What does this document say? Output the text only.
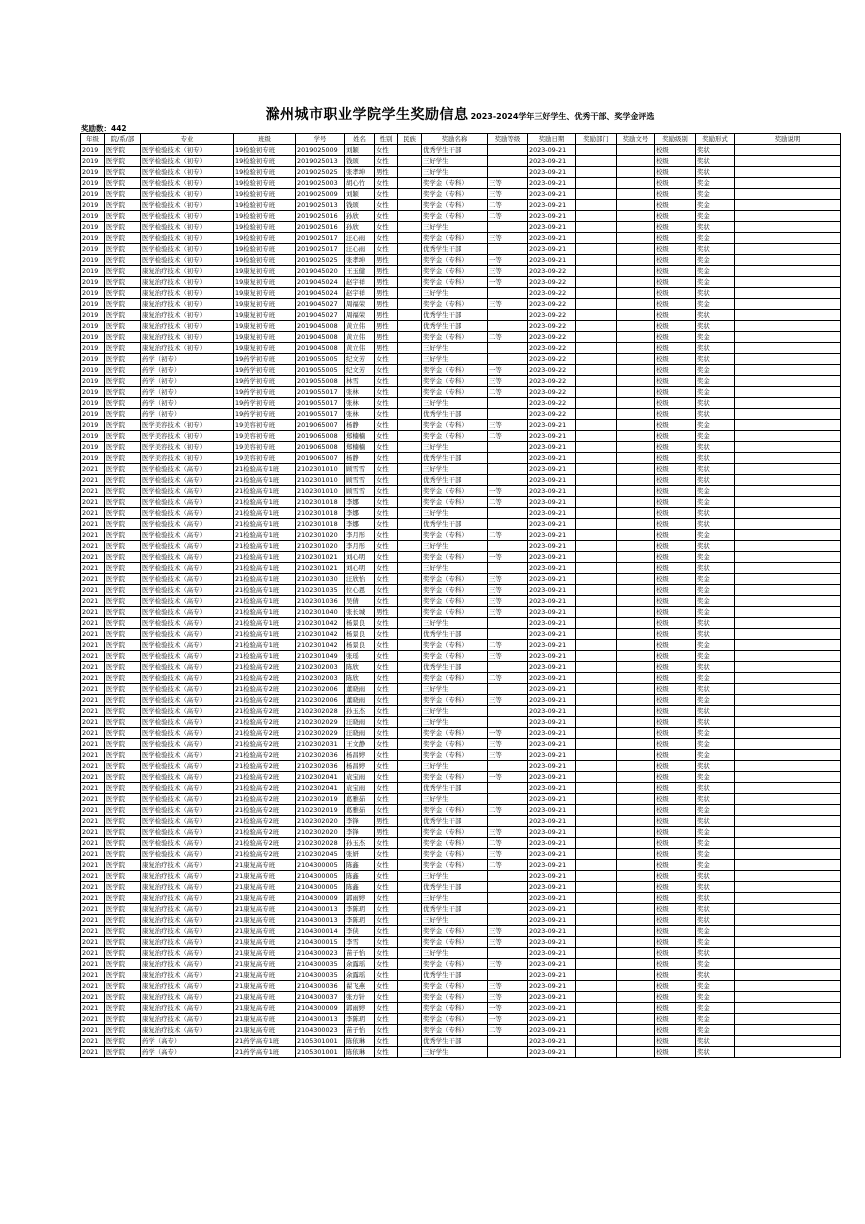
滁州城市职业学院学生奖励信息 2023-2024学年三好学生、优秀干部、奖学金评选
奖励数：442
年级	院/系/部	专业	班级	学号	姓名	性别	民族	奖励名称	奖励等级	奖励日期	奖励部门	奖励文号	奖励级别	奖励形式	奖励说明
2019	医学院	医学检验技术（初专）	19检验初专班	2019025009	刘颖	女性		优秀学生干部		2023-09-21			校级	奖状	
2019	医学院	医学检验技术（初专）	19检验初专班	2019025013	钱颂	女性		三好学生		2023-09-21			校级	奖状	
2019	医学院	医学检验技术（初专）	19检验初专班	2019025025	张孝坤	男性		三好学生		2023-09-21			校级	奖状	
2019	医学院	医学检验技术（初专）	19检验初专班	2019025003	胡心竹	女性		奖学金（专科）	三等	2023-09-21			校级	奖金	
2019	医学院	医学检验技术（初专）	19检验初专班	2019025009	刘颖	女性		奖学金（专科）	三等	2023-09-21			校级	奖金	
2019	医学院	医学检验技术（初专）	19检验初专班	2019025013	钱颂	女性		奖学金（专科）	二等	2023-09-21			校级	奖金	
2019	医学院	医学检验技术（初专）	19检验初专班	2019025016	孙欣	女性		奖学金（专科）	二等	2023-09-21			校级	奖金	
2019	医学院	医学检验技术（初专）	19检验初专班	2019025016	孙欣	女性		三好学生		2023-09-21			校级	奖状	
2019	医学院	医学检验技术（初专）	19检验初专班	2019025017	汪心雨	女性		奖学金（专科）	三等	2023-09-21			校级	奖金	
2019	医学院	医学检验技术（初专）	19检验初专班	2019025017	汪心雨	女性		优秀学生干部		2023-09-21			校级	奖状	
2019	医学院	医学检验技术（初专）	19检验初专班	2019025025	张孝坤	男性		奖学金（专科）	一等	2023-09-21			校级	奖金	
2019	医学院	康复治疗技术（初专）	19康复初专班	2019045020	王玉健	男性		奖学金（专科）	三等	2023-09-22			校级	奖金	
2019	医学院	康复治疗技术（初专）	19康复初专班	2019045024	赵宇祥	男性		奖学金（专科）	一等	2023-09-22			校级	奖金	
2019	医学院	康复治疗技术（初专）	19康复初专班	2019045024	赵宇祥	男性		三好学生		2023-09-22			校级	奖状	
2019	医学院	康复治疗技术（初专）	19康复初专班	2019045027	周福荣	男性		奖学金（专科）	三等	2023-09-22			校级	奖金	
2019	医学院	康复治疗技术（初专）	19康复初专班	2019045027	周福荣	男性		优秀学生干部		2023-09-22			校级	奖状	
2019	医学院	康复治疗技术（初专）	19康复初专班	2019045008	黄立伟	男性		优秀学生干部		2023-09-22			校级	奖状	
2019	医学院	康复治疗技术（初专）	19康复初专班	2019045008	黄立伟	男性		奖学金（专科）	二等	2023-09-22			校级	奖金	
2019	医学院	康复治疗技术（初专）	19康复初专班	2019045008	黄立伟	男性		三好学生		2023-09-22			校级	奖状	
2019	医学院	药学（初专）	19药学初专班	2019055005	纪文芳	女性		三好学生		2023-09-22			校级	奖状	
2019	医学院	药学（初专）	19药学初专班	2019055005	纪文芳	女性		奖学金（专科）	一等	2023-09-22			校级	奖金	
2019	医学院	药学（初专）	19药学初专班	2019055008	林雪	女性		奖学金（专科）	三等	2023-09-22			校级	奖金	
2019	医学院	药学（初专）	19药学初专班	2019055017	张林	女性		奖学金（专科）	二等	2023-09-22			校级	奖金	
2019	医学院	药学（初专）	19药学初专班	2019055017	张林	女性		三好学生		2023-09-22			校级	奖状	
2019	医学院	药学（初专）	19药学初专班	2019055017	张林	女性		优秀学生干部		2023-09-22			校级	奖状	
2019	医学院	医学美容技术（初专）	19美容初专班	2019065007	杨静	女性		奖学金（专科）	三等	2023-09-21			校级	奖金	
2019	医学院	医学美容技术（初专）	19美容初专班	2019065008	郑楠楠	女性		奖学金（专科）	二等	2023-09-21			校级	奖金	
2019	医学院	医学美容技术（初专）	19美容初专班	2019065008	郑楠楠	女性		三好学生		2023-09-21			校级	奖状	
2019	医学院	医学美容技术（初专）	19美容初专班	2019065007	杨静	女性		优秀学生干部		2023-09-21			校级	奖状	
2021	医学院	医学检验技术（高专）	21检验高专1班	2102301010	顾雪雪	女性		三好学生		2023-09-21			校级	奖状	
2021	医学院	医学检验技术（高专）	21检验高专1班	2102301010	顾雪雪	女性		优秀学生干部		2023-09-21			校级	奖状	
2021	医学院	医学检验技术（高专）	21检验高专1班	2102301010	顾雪雪	女性		奖学金（专科）	一等	2023-09-21			校级	奖金	
2021	医学院	医学检验技术（高专）	21检验高专1班	2102301018	李娜	女性		奖学金（专科）	二等	2023-09-21			校级	奖金	
2021	医学院	医学检验技术（高专）	21检验高专1班	2102301018	李娜	女性		三好学生		2023-09-21			校级	奖状	
2021	医学院	医学检验技术（高专）	21检验高专1班	2102301018	李娜	女性		优秀学生干部		2023-09-21			校级	奖状	
2021	医学院	医学检验技术（高专）	21检验高专1班	2102301020	李月彤	女性		奖学金（专科）	二等	2023-09-21			校级	奖金	
2021	医学院	医学检验技术（高专）	21检验高专1班	2102301020	李月彤	女性		三好学生		2023-09-21			校级	奖状	
2021	医学院	医学检验技术（高专）	21检验高专1班	2102301021	刘心明	女性		奖学金（专科）	一等	2023-09-21			校级	奖金	
2021	医学院	医学检验技术（高专）	21检验高专1班	2102301021	刘心明	女性		三好学生		2023-09-21			校级	奖状	
2021	医学院	医学检验技术（高专）	21检验高专1班	2102301030	汪欣怡	女性		奖学金（专科）	三等	2023-09-21			校级	奖金	
2021	医学院	医学检验技术（高专）	21检验高专1班	2102301035	位心恩	女性		奖学金（专科）	三等	2023-09-21			校级	奖金	
2021	医学院	医学检验技术（高专）	21检验高专1班	2102301036	吴倩	女性		奖学金（专科）	三等	2023-09-21			校级	奖金	
2021	医学院	医学检验技术（高专）	21检验高专1班	2102301040	张长城	男性		奖学金（专科）	三等	2023-09-21			校级	奖金	
2021	医学院	医学检验技术（高专）	21检验高专1班	2102301042	杨景良	女性		三好学生		2023-09-21			校级	奖状	
2021	医学院	医学检验技术（高专）	21检验高专1班	2102301042	杨景良	女性		优秀学生干部		2023-09-21			校级	奖状	
2021	医学院	医学检验技术（高专）	21检验高专1班	2102301042	杨景良	女性		奖学金（专科）	二等	2023-09-21			校级	奖金	
2021	医学院	医学检验技术（高专）	21检验高专1班	2102301049	张瑶	女性		奖学金（专科）	三等	2023-09-21			校级	奖金	
2021	医学院	医学检验技术（高专）	21检验高专2班	2102302003	陈欣	女性		优秀学生干部		2023-09-21			校级	奖状	
2021	医学院	医学检验技术（高专）	21检验高专2班	2102302003	陈欣	女性		奖学金（专科）	二等	2023-09-21			校级	奖金	
2021	医学院	医学检验技术（高专）	21检验高专2班	2102302006	董晓雨	女性		三好学生		2023-09-21			校级	奖状	
2021	医学院	医学检验技术（高专）	21检验高专2班	2102302006	董晓雨	女性		奖学金（专科）	三等	2023-09-21			校级	奖金	
2021	医学院	医学检验技术（高专）	21检验高专2班	2102302028	孙玉杰	女性		三好学生		2023-09-21			校级	奖状	
2021	医学院	医学检验技术（高专）	21检验高专2班	2102302029	汪晓雨	女性		三好学生		2023-09-21			校级	奖状	
2021	医学院	医学检验技术（高专）	21检验高专2班	2102302029	汪晓雨	女性		奖学金（专科）	一等	2023-09-21			校级	奖金	
2021	医学院	医学检验技术（高专）	21检验高专2班	2102302031	王文静	女性		奖学金（专科）	三等	2023-09-21			校级	奖金	
2021	医学院	医学检验技术（高专）	21检验高专2班	2102302036	杨昌婷	女性		奖学金（专科）	三等	2023-09-21			校级	奖金	
2021	医学院	医学检验技术（高专）	21检验高专2班	2102302036	杨昌婷	女性		三好学生		2023-09-21			校级	奖状	
2021	医学院	医学检验技术（高专）	21检验高专2班	2102302041	袁宝雨	女性		奖学金（专科）	一等	2023-09-21			校级	奖金	
2021	医学院	医学检验技术（高专）	21检验高专2班	2102302041	袁宝雨	女性		优秀学生干部		2023-09-21			校级	奖状	
2021	医学院	医学检验技术（高专）	21检验高专2班	2102302019	葛雅茹	女性		三好学生		2023-09-21			校级	奖状	
2021	医学院	医学检验技术（高专）	21检验高专2班	2102302019	葛雅茹	女性		奖学金（专科）	二等	2023-09-21			校级	奖金	
2021	医学院	医学检验技术（高专）	21检验高专2班	2102302020	李锋	男性		优秀学生干部		2023-09-21			校级	奖状	
2021	医学院	医学检验技术（高专）	21检验高专2班	2102302020	李锋	男性		奖学金（专科）	三等	2023-09-21			校级	奖金	
2021	医学院	医学检验技术（高专）	21检验高专2班	2102302028	孙玉杰	女性		奖学金（专科）	二等	2023-09-21			校级	奖金	
2021	医学院	医学检验技术（高专）	21检验高专2班	2102302045	张妍	女性		奖学金（专科）	三等	2023-09-21			校级	奖金	
2021	医学院	康复治疗技术（高专）	21康复高专班	2104300005	陈鑫	女性		奖学金（专科）	二等	2023-09-21			校级	奖金	
2021	医学院	康复治疗技术（高专）	21康复高专班	2104300005	陈鑫	女性		三好学生		2023-09-21			校级	奖状	
2021	医学院	康复治疗技术（高专）	21康复高专班	2104300005	陈鑫	女性		优秀学生干部		2023-09-21			校级	奖状	
2021	医学院	康复治疗技术（高专）	21康复高专班	2104300009	郭雨婷	女性		三好学生		2023-09-21			校级	奖状	
2021	医学院	康复治疗技术（高专）	21康复高专班	2104300013	李陈玥	女性		优秀学生干部		2023-09-21			校级	奖状	
2021	医学院	康复治疗技术（高专）	21康复高专班	2104300013	李陈玥	女性		三好学生		2023-09-21			校级	奖状	
2021	医学院	康复治疗技术（高专）	21康复高专班	2104300014	李侠	女性		奖学金（专科）	三等	2023-09-21			校级	奖金	
2021	医学院	康复治疗技术（高专）	21康复高专班	2104300015	李雪	女性		奖学金（专科）	三等	2023-09-21			校级	奖金	
2021	医学院	康复治疗技术（高专）	21康复高专班	2104300023	苗子怡	女性		三好学生		2023-09-21			校级	奖状	
2021	医学院	康复治疗技术（高专）	21康复高专班	2104300035	余露瑶	女性		奖学金（专科）	三等	2023-09-21			校级	奖金	
2021	医学院	康复治疗技术（高专）	21康复高专班	2104300035	余露瑶	女性		优秀学生干部		2023-09-21			校级	奖状	
2021	医学院	康复治疗技术（高专）	21康复高专班	2104300036	翟飞燕	女性		奖学金（专科）	三等	2023-09-21			校级	奖金	
2021	医学院	康复治疗技术（高专）	21康复高专班	2104300037	张方针	女性		奖学金（专科）	三等	2023-09-21			校级	奖金	
2021	医学院	康复治疗技术（高专）	21康复高专班	2104300009	郭雨婷	女性		奖学金（专科）	一等	2023-09-21			校级	奖金	
2021	医学院	康复治疗技术（高专）	21康复高专班	2104300013	李陈玥	女性		奖学金（专科）	一等	2023-09-21			校级	奖金	
2021	医学院	康复治疗技术（高专）	21康复高专班	2104300023	苗子怡	女性		奖学金（专科）	二等	2023-09-21			校级	奖金	
2021	医学院	药学（高专）	21药学高专1班	2105301001	陈依琳	女性		优秀学生干部		2023-09-21			校级	奖状	
2021	医学院	药学（高专）	21药学高专1班	2105301001	陈依琳	女性		三好学生		2023-09-21			校级	奖状	
